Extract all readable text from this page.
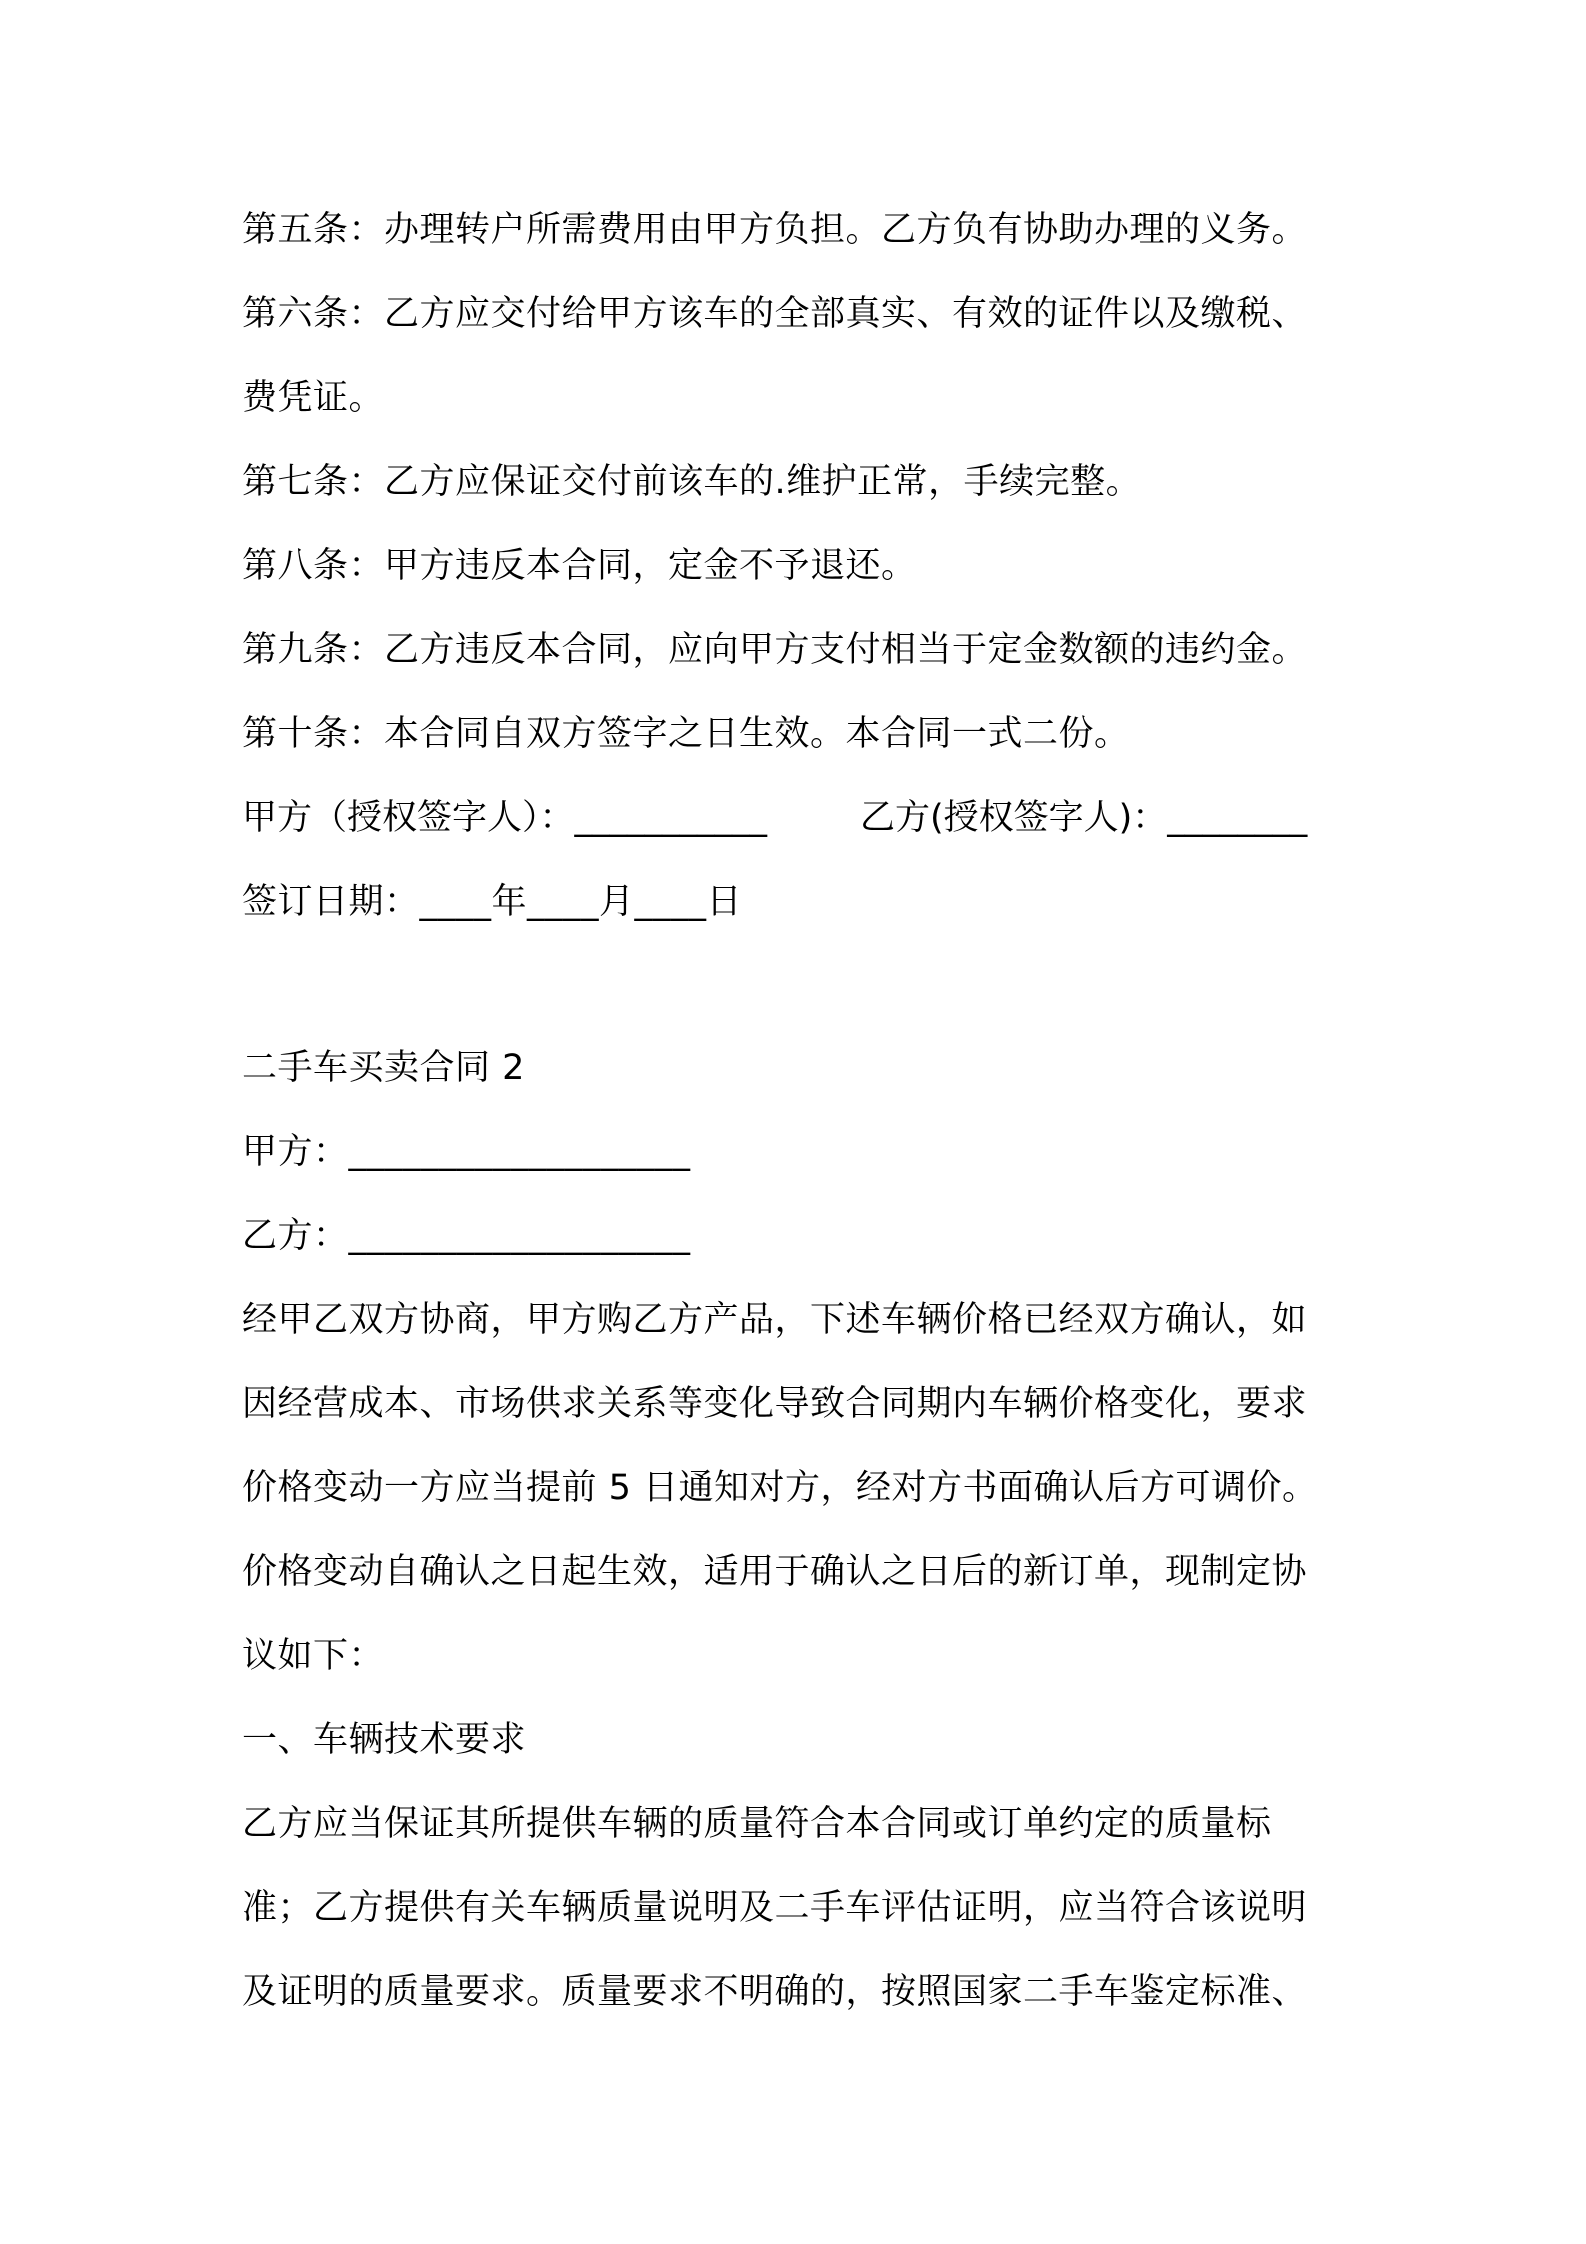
第五条：办理转户所需费用由甲方负担。乙方负有协助办理的义务。
第六条：乙方应交付给甲方该车的全部真实、有效的证件以及缴税、
费凭证。
第七条：乙方应保证交付前该车的.维护正常，手续完整。
第八条：甲方违反本合同，定金不予退还。
第九条：乙方违反本合同，应向甲方支付相当于定金数额的违约金。
第十条：本合同自双方签字之日生效。本合同一式二份。
甲方（授权签字人）：___________	乙方(授权签字人)：________
签订日期：____年____月____日
二手车买卖合同 2
甲方：___________________
乙方：___________________
经甲乙双方协商，甲方购乙方产品，下述车辆价格已经双方确认，如
因经营成本、市场供求关系等变化导致合同期内车辆价格变化，要求
价格变动一方应当提前 5 日通知对方，经对方书面确认后方可调价。
价格变动自确认之日起生效，适用于确认之日后的新订单，现制定协
议如下：
一、车辆技术要求
乙方应当保证其所提供车辆的质量符合本合同或订单约定的质量标
准；乙方提供有关车辆质量说明及二手车评估证明，应当符合该说明
及证明的质量要求。质量要求不明确的，按照国家二手车鉴定标准、
